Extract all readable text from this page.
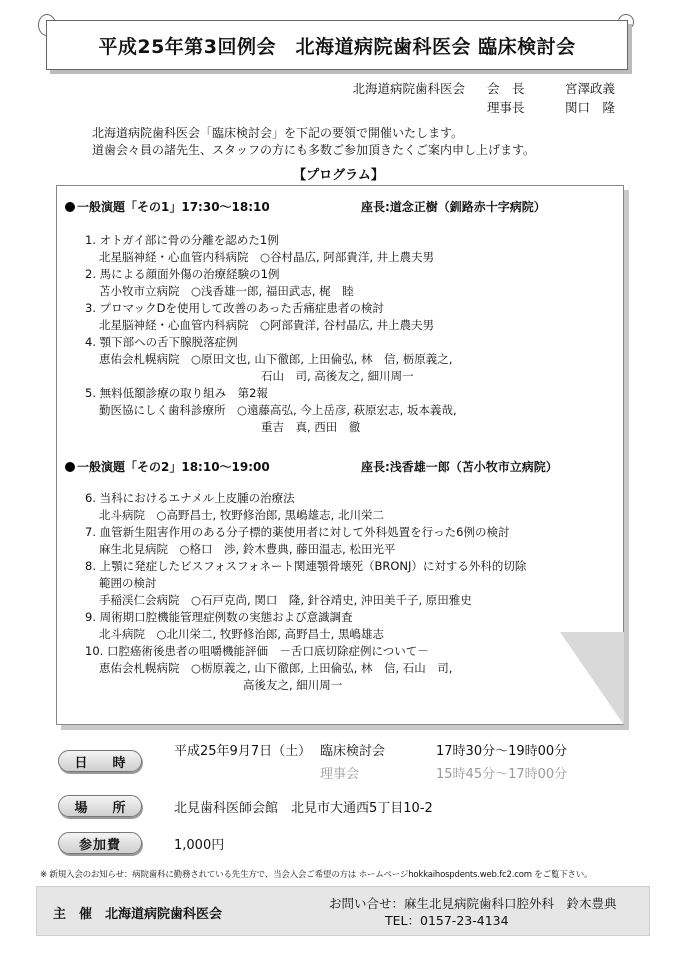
平成25年第3回例会　北海道病院歯科医会 臨床検討会
北海道病院歯科医会 会　長	宮澤政義
理事長	関口　隆
北海道病院歯科医会「臨床検討会」を下記の要領で開催いたします。
道歯会々員の諸先生、スタッフの方にも多数ご参加頂きたくご案内申し上げます。
【プログラム】
一般演題「その1」17:30～18:10	座長:道念正樹（釧路赤十字病院）
1. オトガイ部に骨の分離を認めた1例
北星脳神経・心血管内科病院　○谷村晶広, 阿部貴洋, 井上農夫男
2. 馬による顔面外傷の治療経験の1例
苫小牧市立病院　○浅香雄一郎, 福田武志, 梶　睦
3. プロマックDを使用して改善のあった舌痛症患者の検討
北星脳神経・心血管内科病院　○阿部貴洋, 谷村晶広, 井上農夫男
4. 顎下部への舌下腺脱落症例
恵佑会札幌病院　○原田文也, 山下徹郎, 上田倫弘, 林　信, 栃原義之,
石山　司, 高後友之, 細川周一
5. 無料低額診療の取り組み　第2報
勤医協にしく歯科診療所　○遠藤高弘, 今上岳彦, 萩原宏志, 坂本義哉,
重吉　真, 西田　徹
一般演題「その2」18:10～19:00	座長:浅香雄一郎（苫小牧市立病院）
6. 当科におけるエナメル上皮腫の治療法
北斗病院　○高野昌士, 牧野修治郎, 黒嶋雄志, 北川栄二
7. 血管新生阻害作用のある分子標的薬使用者に対して外科処置を行った6例の検討
麻生北見病院　○格口　渉, 鈴木豊典, 藤田温志, 松田光平
8. 上顎に発症したビスフォスフォネート関連顎骨壊死（BRONJ）に対する外科的切除
範囲の検討
手稲渓仁会病院　○石戸克尚, 関口　隆, 針谷靖史, 沖田美千子, 原田雅史
9. 周術期口腔機能管理症例数の実態および意識調査
北斗病院　○北川栄二, 牧野修治郎, 高野昌士, 黒嶋雄志
10. 口腔癌術後患者の咀嚼機能評価　－舌口底切除症例について－
恵佑会札幌病院　○栃原義之, 山下徹郎, 上田倫弘, 林　信, 石山　司,
高後友之, 細川周一
日　時
平成25年9月7日（土） 臨床検討会	17時30分～19時00分
理事会	15時45分～17時00分
場　所	北見歯科医師会館　北見市大通西5丁目10-2
参加費	1,000円
※ 新規入会のお知らせ：病院歯科に勤務されている先生方で、当会入会ご希望の方は ホームページhokkaihospdents.web.fc2.com をご覧下さい。
主　催　北海道病院歯科医会
お問い合せ：麻生北見病院歯科口腔外科　鈴木豊典
TEL：0157-23-4134
